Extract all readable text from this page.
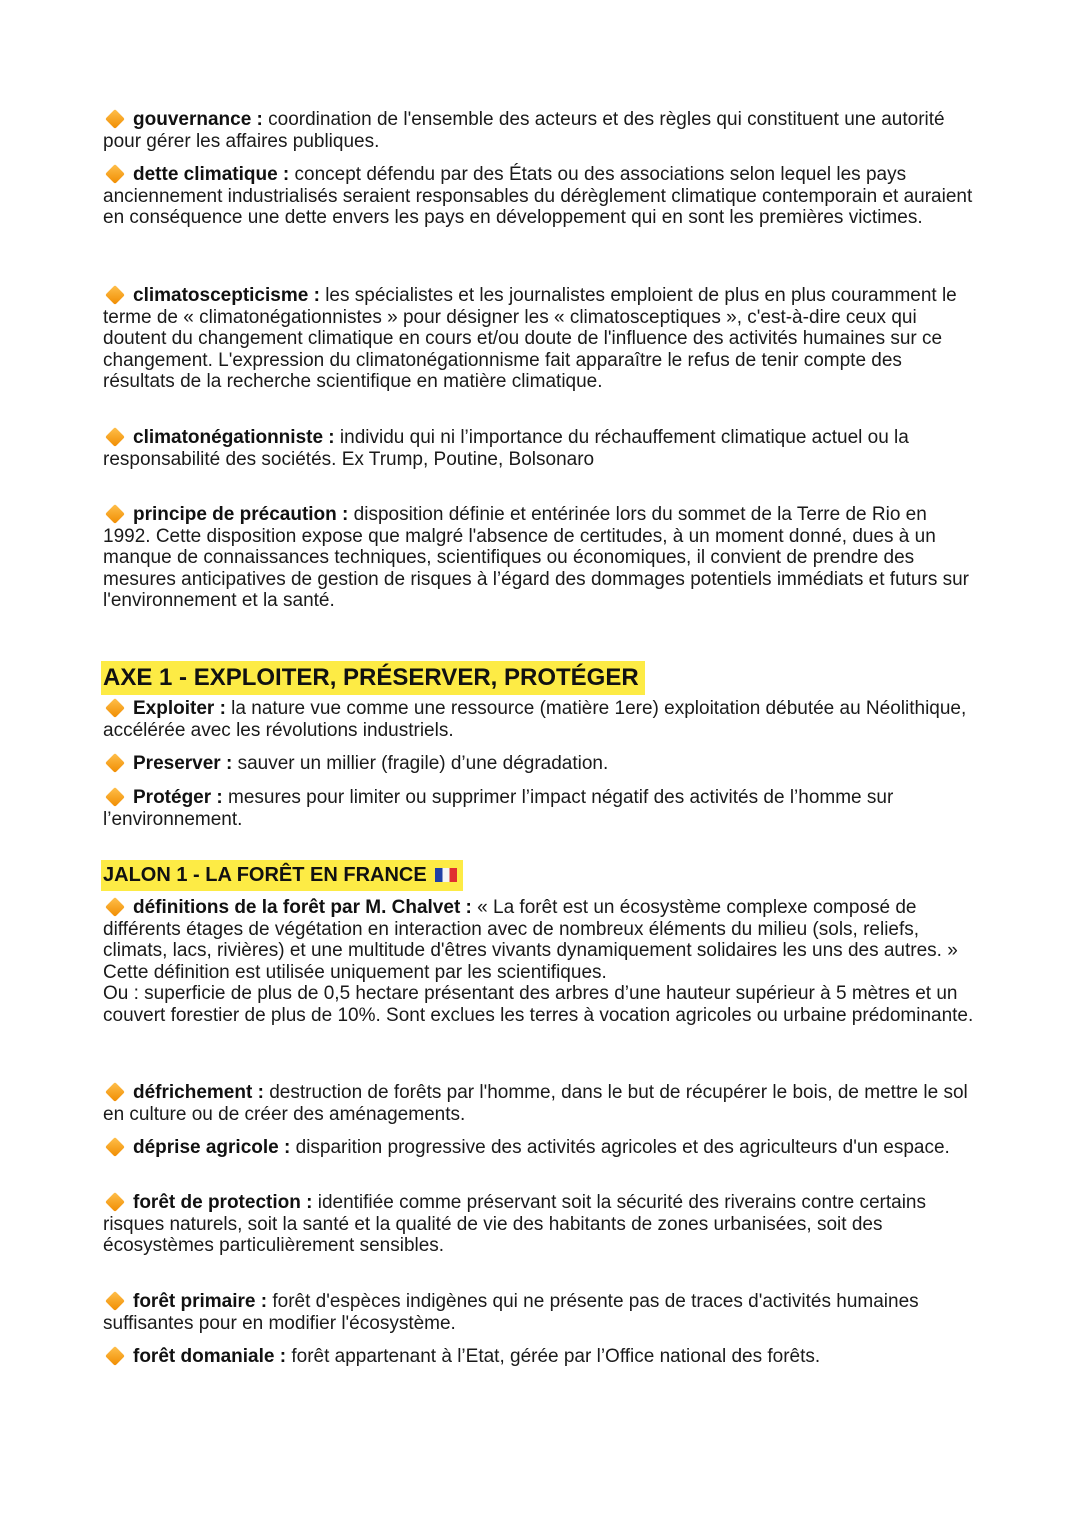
gouvernance : coordination de l'ensemble des acteurs et des règles qui constituent une autorité pour gérer les affaires publiques.
dette climatique : concept défendu par des États ou des associations selon lequel les pays anciennement industrialisés seraient responsables du dérèglement climatique contemporain et auraient en conséquence une dette envers les pays en développement qui en sont les premières victimes.
climatoscepticisme : les spécialistes et les journalistes emploient de plus en plus couramment le terme de « climatonégationnistes » pour désigner les « climatosceptiques », c'est-à-dire ceux qui doutent du changement climatique en cours et/ou doute de l'influence des activités humaines sur ce changement. L'expression du climatonégationnisme fait apparaître le refus de tenir compte des résultats de la recherche scientifique en matière climatique.
climatonégationniste : individu qui ni l’importance du réchauffement climatique actuel ou la responsabilité des sociétés. Ex Trump, Poutine, Bolsonaro
principe de précaution : disposition définie et entérinée lors du sommet de la Terre de Rio en 1992. Cette disposition expose que malgré l'absence de certitudes, à un moment donné, dues à un manque de connaissances techniques, scientifiques ou économiques, il convient de prendre des mesures anticipatives de gestion de risques à l’égard des dommages potentiels immédiats et futurs sur l'environnement et la santé.
AXE 1 - EXPLOITER, PRÉSERVER, PROTÉGER
Exploiter : la nature vue comme une ressource (matière 1ere) exploitation débutée au Néolithique, accélérée avec les révolutions industriels.
Preserver : sauver un millier (fragile) d’une dégradation.
Protéger : mesures pour limiter ou supprimer l’impact négatif des activités de l’homme sur l’environnement.
JALON 1 - LA FORÊT EN FRANCE
définitions de la forêt par M. Chalvet : « La forêt est un écosystème complexe composé de différents étages de végétation en interaction avec de nombreux éléments du milieu (sols, reliefs, climats, lacs, rivières) et une multitude d'êtres vivants dynamiquement solidaires les uns des autres. » Cette définition est utilisée uniquement par les scientifiques.
Ou : superficie de plus de 0,5 hectare présentant des arbres d’une hauteur supérieur à 5 mètres et un couvert forestier de plus de 10%. Sont exclues les terres à vocation agricoles ou urbaine prédominante.
défrichement : destruction de forêts par l'homme, dans le but de récupérer le bois, de mettre le sol en culture ou de créer des aménagements.
déprise agricole : disparition progressive des activités agricoles et des agriculteurs d'un espace.
forêt de protection : identifiée comme préservant soit la sécurité des riverains contre certains risques naturels, soit la santé et la qualité de vie des habitants de zones urbanisées, soit des écosystèmes particulièrement sensibles.
forêt primaire : forêt d'espèces indigènes qui ne présente pas de traces d'activités humaines suffisantes pour en modifier l'écosystème.
forêt domaniale : forêt appartenant à l’Etat, gérée par l’Office national des forêts.
